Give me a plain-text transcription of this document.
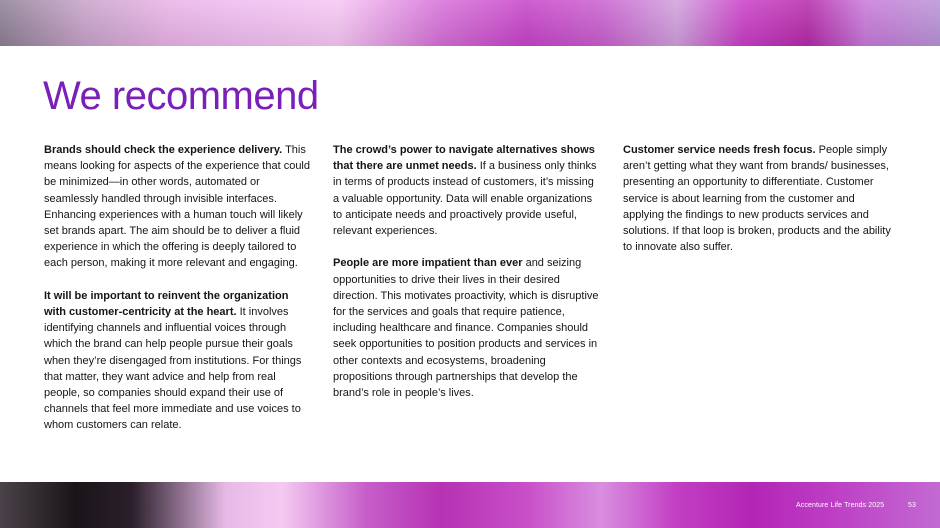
We recommend

Brands should check the experience delivery. This means looking for aspects of the experience that could be minimized—in other words, automated or seamlessly handled through invisible interfaces. Enhancing experiences with a human touch will likely set brands apart. The aim should be to deliver a fluid experience in which the offering is deeply tailored to each person, making it more relevant and engaging.

It will be important to reinvent the organization with customer-centricity at the heart. It involves identifying channels and influential voices through which the brand can help people pursue their goals when they’re disengaged from institutions. For things that matter, they want advice and help from real people, so companies should expand their use of channels that feel more immediate and use voices to whom customers can relate.

The crowd’s power to navigate alternatives shows that there are unmet needs. If a business only thinks in terms of products instead of customers, it’s missing a valuable opportunity. Data will enable organizations to anticipate needs and proactively provide useful, relevant experiences.

People are more impatient than ever and seizing opportunities to drive their lives in their desired direction. This motivates proactivity, which is disruptive for the services and goals that require patience, including healthcare and finance. Companies should seek opportunities to position products and services in other contexts and ecosystems, broadening propositions through partnerships that develop the brand’s role in people’s lives.

Customer service needs fresh focus. People simply aren’t getting what they want from brands/ businesses, presenting an opportunity to differentiate. Customer service is about learning from the customer and applying the findings to new products services and solutions. If that loop is broken, products and the ability to innovate also suffer.

Accenture Life Trends 2025	53
